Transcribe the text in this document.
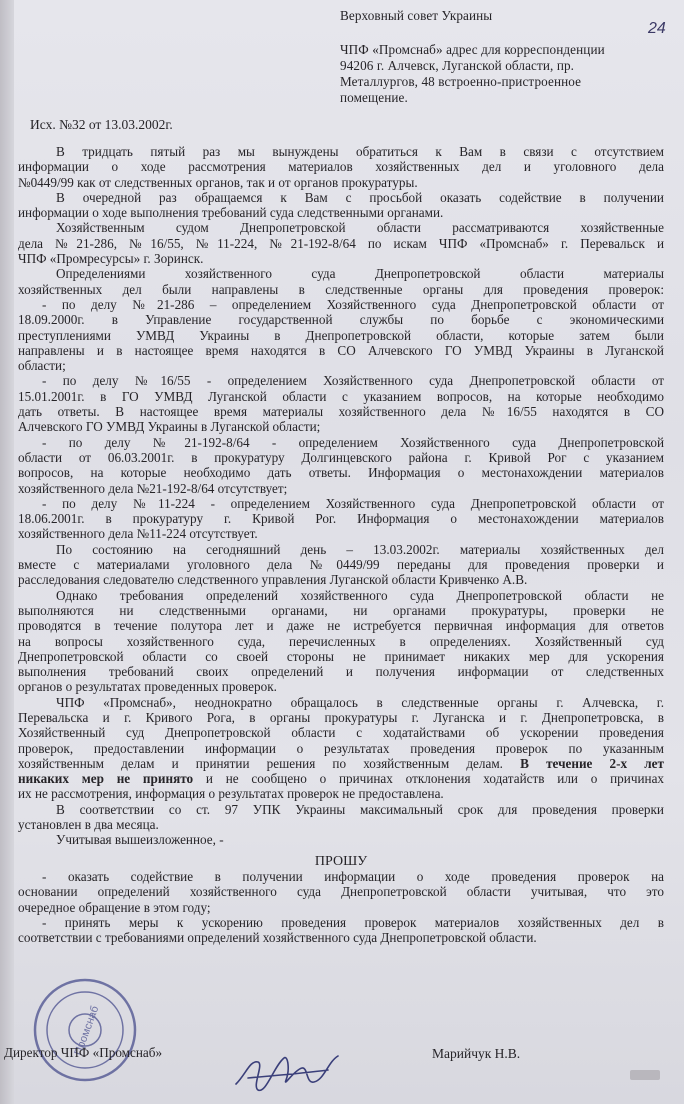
24
Верховный совет Украины
ЧПФ «Промснаб» адрес для корреспонденции
94206 г. Алчевск, Луганской области, пр.
Металлургов, 48 встроенно-пристроенное
помещение.
Исх. №32 от 13.03.2002г.
В тридцать пятый раз мы вынуждены обратиться к Вам в связи с отсутствием
информации о ходе рассмотрения материалов хозяйственных дел и уголовного дела
№0449/99 как от следственных органов, так и от органов прокуратуры.
В очередной раз обращаемся к Вам с просьбой оказать содействие в получении
информации о ходе выполнения требований суда следственными органами.
Хозяйственным судом Днепропетровской области рассматриваются хозяйственные
дела №21-286, №16/55, №11-224, №21-192-8/64 по искам ЧПФ «Промснаб» г. Перевальск и
ЧПФ «Промресурсы» г. Зоринск.
Определениями хозяйственного суда Днепропетровской области материалы
хозяйственных дел были направлены в следственные органы для проведения проверок:
- по делу №21-286 – определением Хозяйственного суда Днепропетровской области от
18.09.2000г. в Управление государственной службы по борьбе с экономическими
преступлениями УМВД Украины в Днепропетровской области, которые затем были
направлены и в настоящее время находятся в СО Алчевского ГО УМВД Украины в Луганской
области;
- по делу №16/55 - определением Хозяйственного суда Днепропетровской области от
15.01.2001г. в ГО УМВД Луганской области с указанием вопросов, на которые необходимо
дать ответы. В настоящее время материалы хозяйственного дела №16/55 находятся в СО
Алчевского ГО УМВД Украины в Луганской области;
- по делу №21-192-8/64 - определением Хозяйственного суда Днепропетровской
области от 06.03.2001г. в прокуратуру Долгинцевского района г. Кривой Рог с указанием
вопросов, на которые необходимо дать ответы. Информация о местонахождении материалов
хозяйственного дела №21-192-8/64 отсутствует;
- по делу №11-224 - определением Хозяйственного суда Днепропетровской области от
18.06.2001г. в прокуратуру г. Кривой Рог. Информация о местонахождении материалов
хозяйственного дела №11-224 отсутствует.
По состоянию на сегодняшний день – 13.03.2002г. материалы хозяйственных дел
вместе с материалами уголовного дела №0449/99 переданы для проведения проверки и
расследования следователю следственного управления Луганской области Кривченко А.В.
Однако требования определений хозяйственного суда Днепропетровской области не
выполняются ни следственными органами, ни органами прокуратуры, проверки не
проводятся в течение полутора лет и даже не истребуется первичная информация для ответов
на вопросы хозяйственного суда, перечисленных в определениях. Хозяйственный суд
Днепропетровской области со своей стороны не принимает никаких мер для ускорения
выполнения требований своих определений и получения информации от следственных
органов о результатах проведенных проверок.
ЧПФ «Промснаб», неоднократно обращалось в следственные органы г. Алчевска, г.
Перевальска и г. Кривого Рога, в органы прокуратуры г. Луганска и г. Днепропетровска, в
Хозяйственный суд Днепропетровской области с ходатайствами об ускорении проведения
проверок, предоставлении информации о результатах проведения проверок по указанным
хозяйственным делам и принятии решения по хозяйственным делам. В течение 2-х лет
никаких мер не принято и не сообщено о причинах отклонения ходатайств или о причинах
их не рассмотрения, информация о результатах проверок не предоставлена.
В соответствии со ст. 97 УПК Украины максимальный срок для проведения проверки
установлен в два месяца.
Учитывая вышеизложенное, -
ПРОШУ
- оказать содействие в получении информации о ходе проведения проверок на
основании определений хозяйственного суда Днепропетровской области учитывая, что это
очередное обращение в этом году;
- принять меры к ускорению проведения проверок материалов хозяйственных дел в
соответствии с требованиями определений хозяйственного суда Днепропетровской области.
Промснаб
Директор ЧПФ «Промснаб»	Марийчук Н.В.
